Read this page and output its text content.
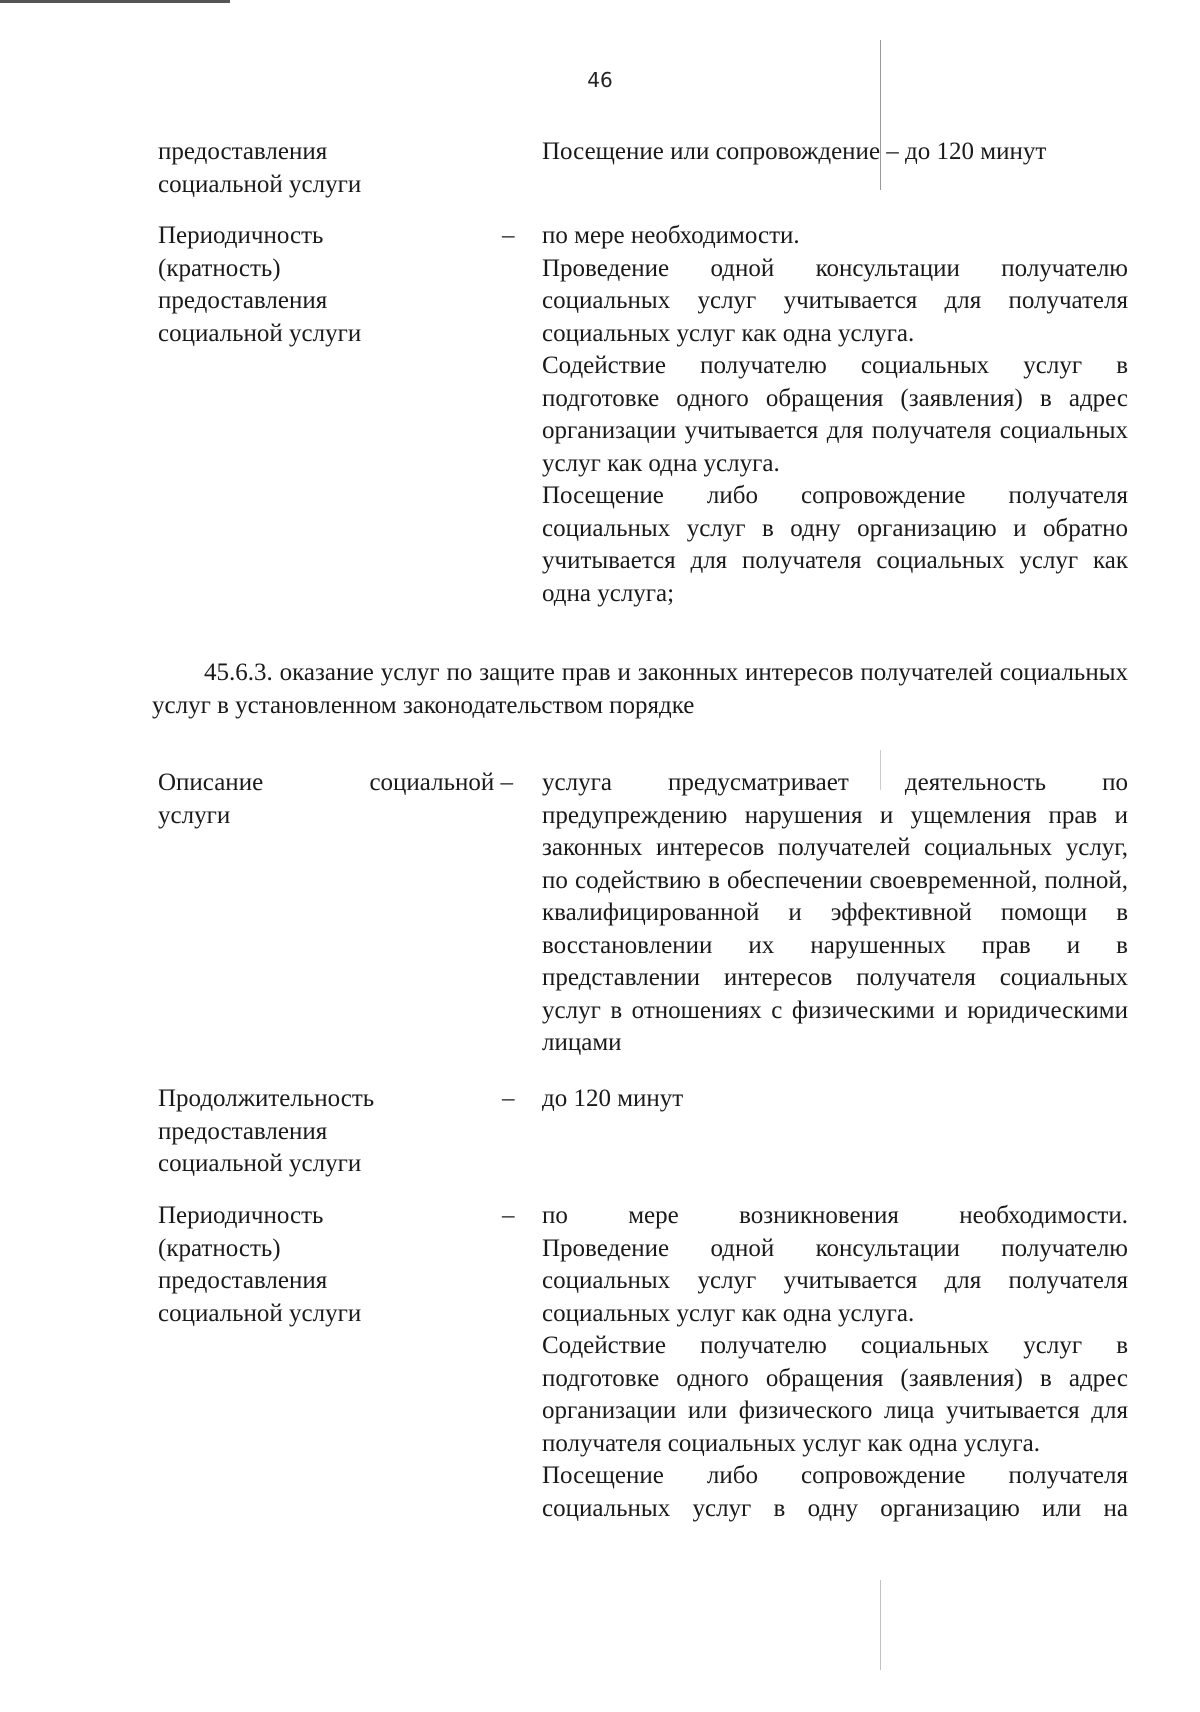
46
предоставления социальной услуги
Посещение или сопровождение – до 120 минут
Периодичность (кратность) предоставления социальной услуги
– по мере необходимости.

Проведение одной консультации получателю социальных услуг учитывается для получателя социальных услуг как одна услуга.

Содействие получателю социальных услуг в подготовке одного обращения (заявления) в адрес организации учитывается для получателя социальных услуг как одна услуга.

Посещение либо сопровождение получателя социальных услуг в одну организацию и обратно учитывается для получателя социальных услуг как одна услуга;

45.6.3. оказание услуг по защите прав и законных интересов получателей социальных услуг в установленном законодательством порядке
Описание	социальной –
услуги
услуга предусматривает деятельность по предупреждению нарушения и ущемления прав и законных интересов получателей социальных услуг, по содействию в обеспечении своевременной, полной, квалифицированной и эффективной помощи в восстановлении их нарушенных прав и в представлении интересов получателя социальных услуг в отношениях с физическими и юридическими лицами
Продолжительность предоставления социальной услуги
– до 120 минут
Периодичность (кратность) предоставления социальной услуги
– по мере возникновения необходимости.

Проведение одной консультации получателю социальных услуг учитывается для получателя социальных услуг как одна услуга.

Содействие получателю социальных услуг в подготовке одного обращения (заявления) в адрес организации или физического лица учитывается для получателя социальных услуг как одна услуга.

Посещение либо сопровождение получателя социальных услуг в одну организацию или на
